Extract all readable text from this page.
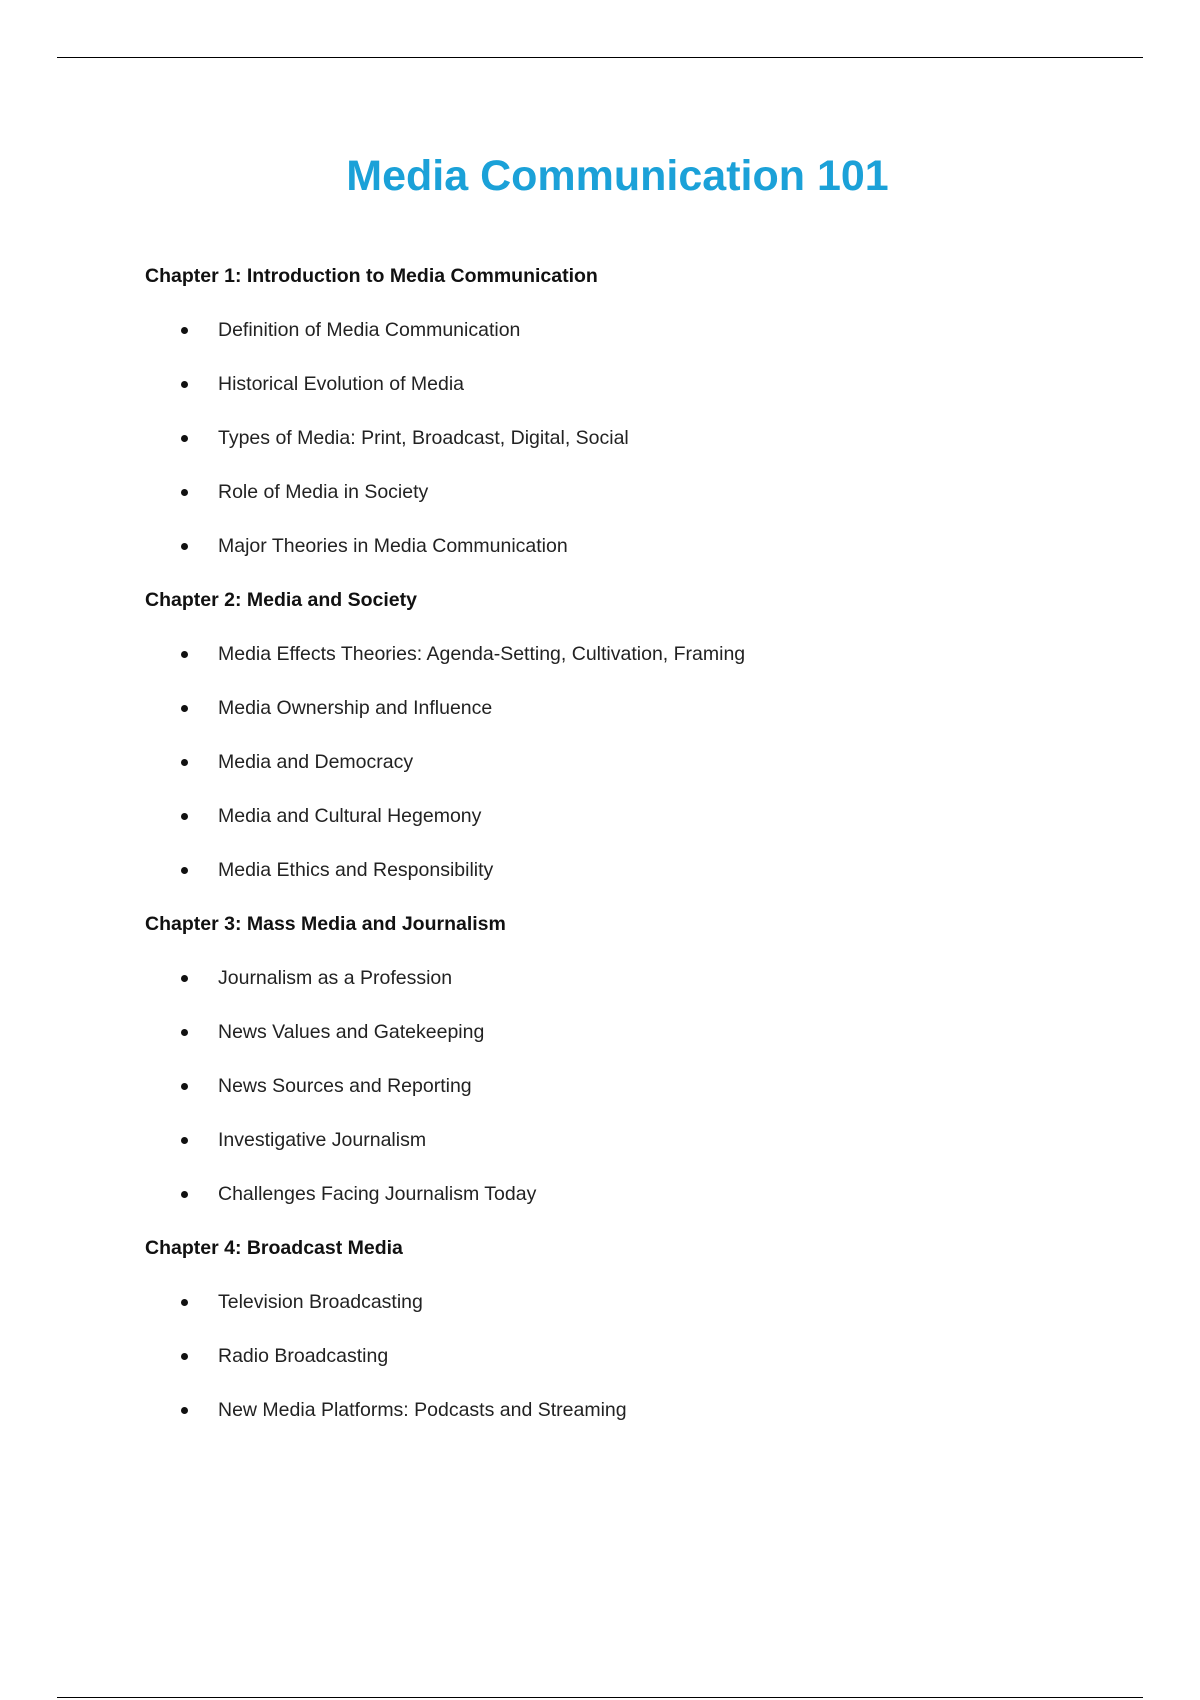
Media Communication 101
Chapter 1: Introduction to Media Communication
Definition of Media Communication
Historical Evolution of Media
Types of Media: Print, Broadcast, Digital, Social
Role of Media in Society
Major Theories in Media Communication
Chapter 2: Media and Society
Media Effects Theories: Agenda-Setting, Cultivation, Framing
Media Ownership and Influence
Media and Democracy
Media and Cultural Hegemony
Media Ethics and Responsibility
Chapter 3: Mass Media and Journalism
Journalism as a Profession
News Values and Gatekeeping
News Sources and Reporting
Investigative Journalism
Challenges Facing Journalism Today
Chapter 4: Broadcast Media
Television Broadcasting
Radio Broadcasting
New Media Platforms: Podcasts and Streaming
